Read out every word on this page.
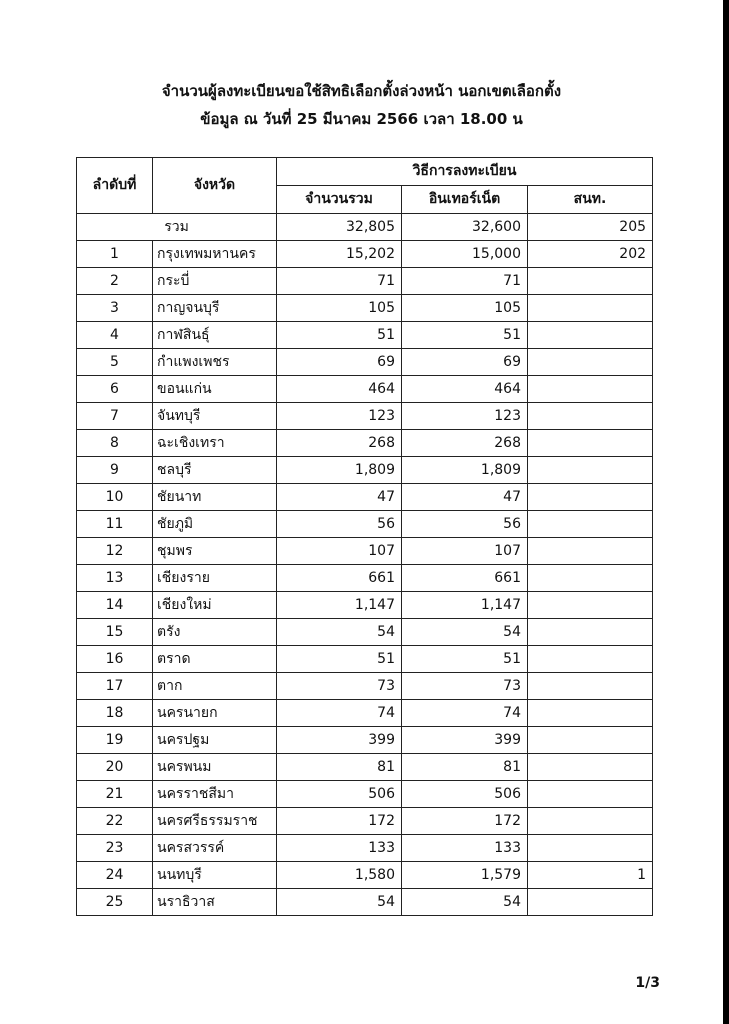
จำนวนผู้ลงทะเบียนขอใช้สิทธิเลือกตั้งล่วงหน้า นอกเขตเลือกตั้ง
ข้อมูล ณ วันที่ 25 มีนาคม 2566 เวลา 18.00 น
ลำดับที่	จังหวัด	วิธีการลงทะเบียน		
		จำนวนรวม	อินเทอร์เน็ต	สนท.
รวม		32,805	32,600	205
1	กรุงเทพมหานคร	15,202	15,000	202
2	กระบี่	71	71	
3	กาญจนบุรี	105	105	
4	กาฬสินธุ์	51	51	
5	กำแพงเพชร	69	69	
6	ขอนแก่น	464	464	
7	จันทบุรี	123	123	
8	ฉะเชิงเทรา	268	268	
9	ชลบุรี	1,809	1,809	
10	ชัยนาท	47	47	
11	ชัยภูมิ	56	56	
12	ชุมพร	107	107	
13	เชียงราย	661	661	
14	เชียงใหม่	1,147	1,147	
15	ตรัง	54	54	
16	ตราด	51	51	
17	ตาก	73	73	
18	นครนายก	74	74	
19	นครปฐม	399	399	
20	นครพนม	81	81	
21	นครราชสีมา	506	506	
22	นครศรีธรรมราช	172	172	
23	นครสวรรค์	133	133	
24	นนทบุรี	1,580	1,579	1
25	นราธิวาส	54	54	
1/3
